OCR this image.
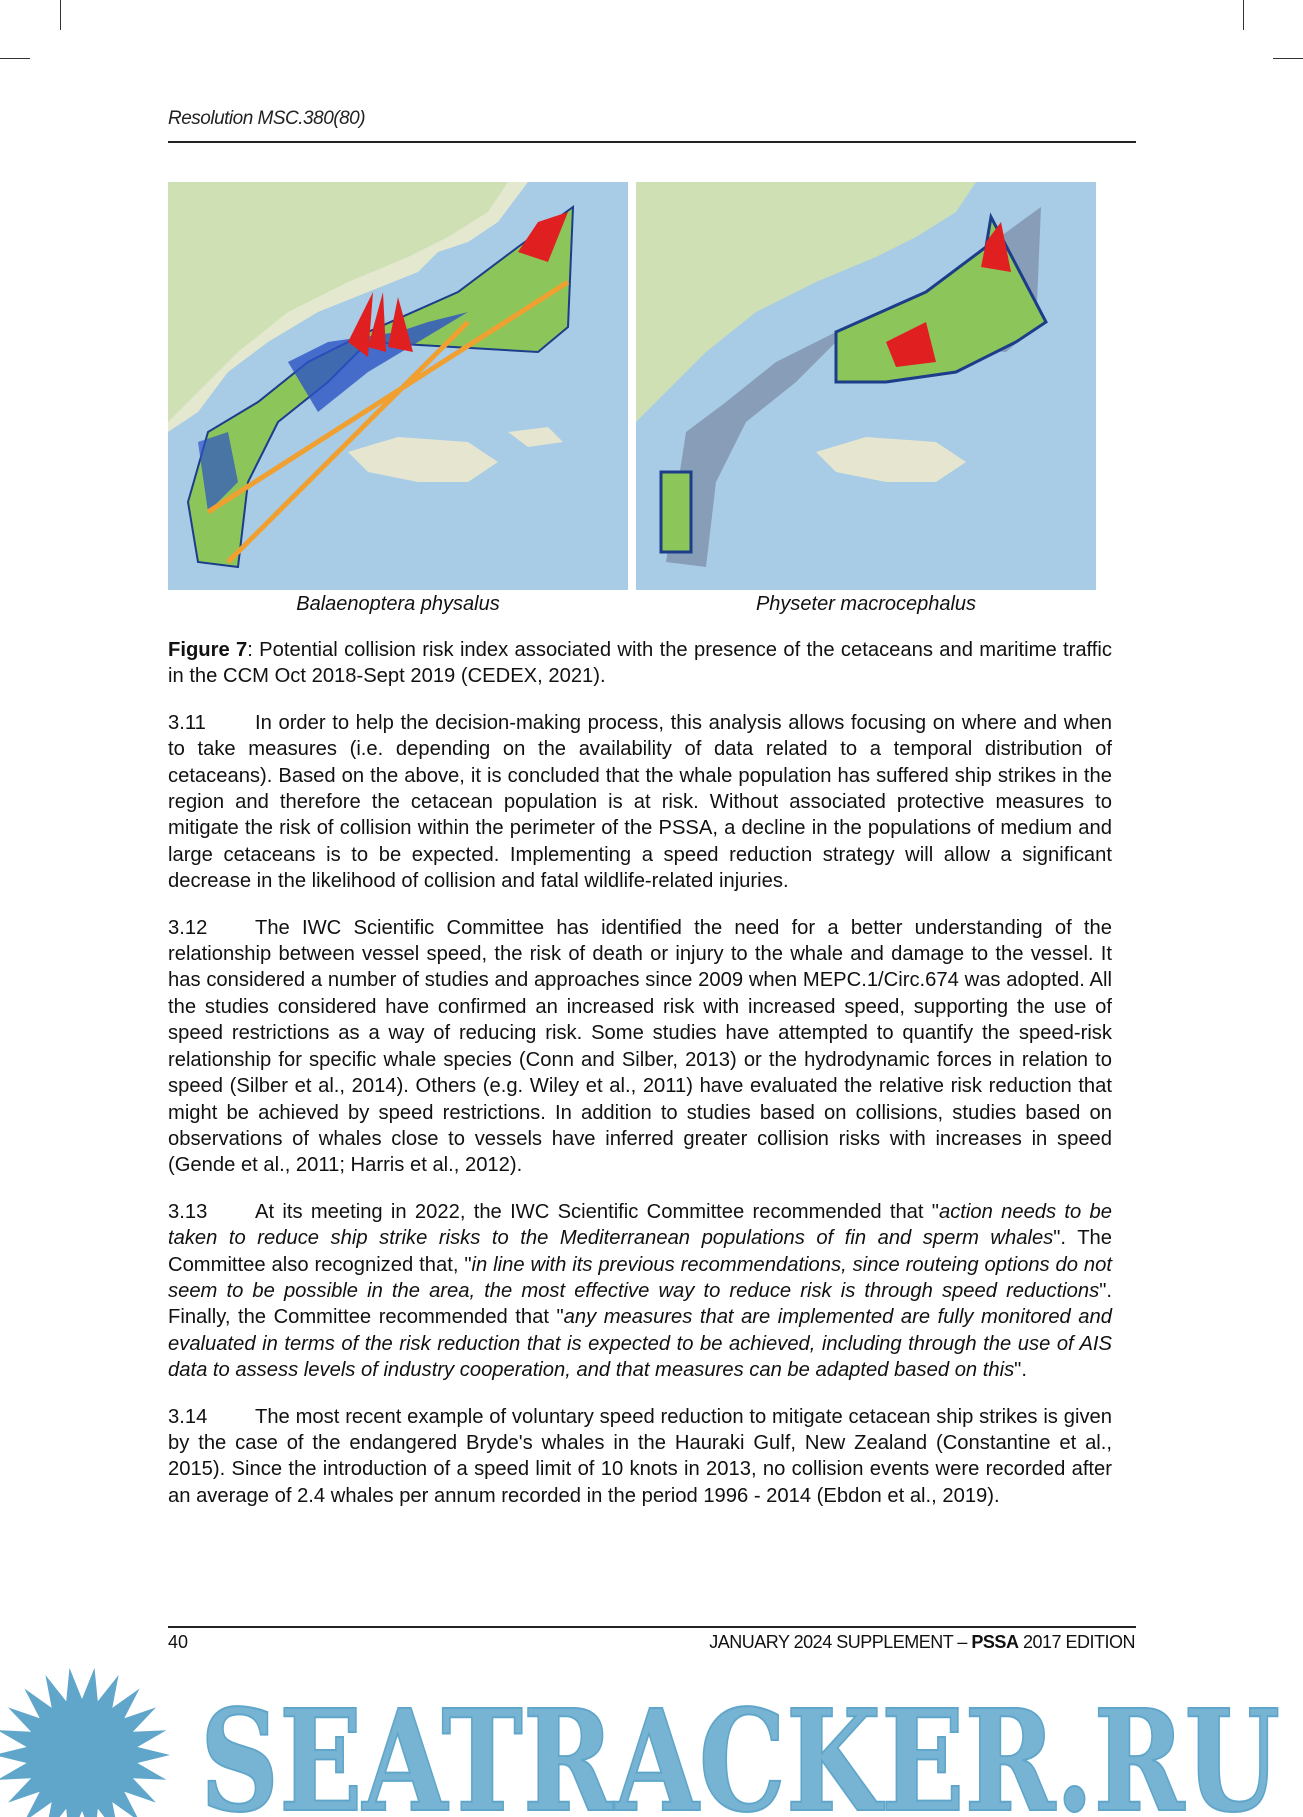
Resolution MSC.380(80)
Balaenoptera physalus	Physeter macrocephalus
Figure 7: Potential collision risk index associated with the presence of the cetaceans and maritime traffic in the CCM Oct 2018-Sept 2019 (CEDEX, 2021).
3.11 In order to help the decision-making process, this analysis allows focusing on where and when to take measures (i.e. depending on the availability of data related to a temporal distribution of cetaceans). Based on the above, it is concluded that the whale population has suffered ship strikes in the region and therefore the cetacean population is at risk. Without associated protective measures to mitigate the risk of collision within the perimeter of the PSSA, a decline in the populations of medium and large cetaceans is to be expected. Implementing a speed reduction strategy will allow a significant decrease in the likelihood of collision and fatal wildlife-related injuries.
3.12 The IWC Scientific Committee has identified the need for a better understanding of the relationship between vessel speed, the risk of death or injury to the whale and damage to the vessel. It has considered a number of studies and approaches since 2009 when MEPC.1/Circ.674 was adopted. All the studies considered have confirmed an increased risk with increased speed, supporting the use of speed restrictions as a way of reducing risk. Some studies have attempted to quantify the speed-risk relationship for specific whale species (Conn and Silber, 2013) or the hydrodynamic forces in relation to speed (Silber et al., 2014). Others (e.g. Wiley et al., 2011) have evaluated the relative risk reduction that might be achieved by speed restrictions. In addition to studies based on collisions, studies based on observations of whales close to vessels have inferred greater collision risks with increases in speed (Gende et al., 2011; Harris et al., 2012).
3.13 At its meeting in 2022, the IWC Scientific Committee recommended that "action needs to be taken to reduce ship strike risks to the Mediterranean populations of fin and sperm whales". The Committee also recognized that, "in line with its previous recommendations, since routeing options do not seem to be possible in the area, the most effective way to reduce risk is through speed reductions". Finally, the Committee recommended that "any measures that are implemented are fully monitored and evaluated in terms of the risk reduction that is expected to be achieved, including through the use of AIS data to assess levels of industry cooperation, and that measures can be adapted based on this".
3.14 The most recent example of voluntary speed reduction to mitigate cetacean ship strikes is given by the case of the endangered Bryde's whales in the Hauraki Gulf, New Zealand (Constantine et al., 2015). Since the introduction of a speed limit of 10 knots in 2013, no collision events were recorded after an average of 2.4 whales per annum recorded in the period 1996 - 2014 (Ebdon et al., 2019).
40	JANUARY 2024 SUPPLEMENT – PSSA 2017 EDITION
SEATRACKER.RU
